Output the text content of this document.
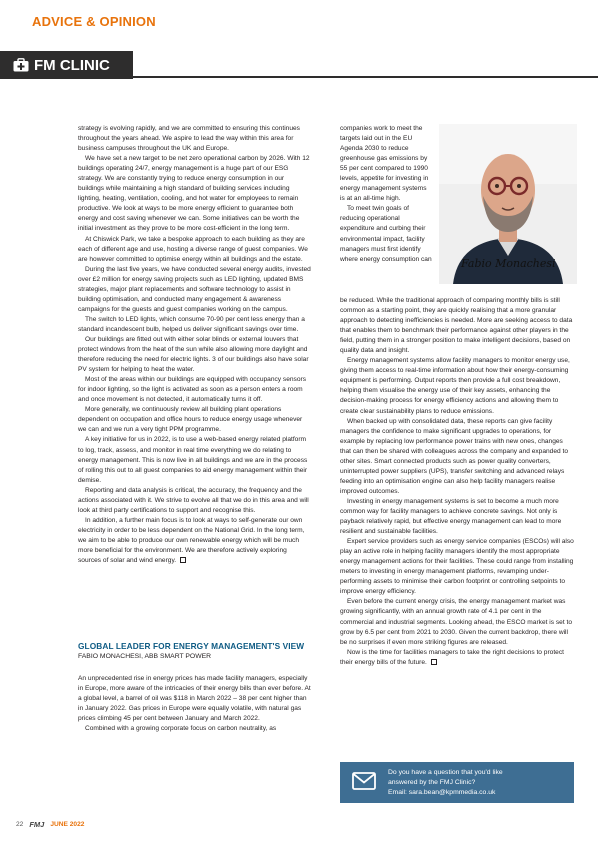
ADVICE & OPINION
FM CLINIC

strategy is evolving rapidly, and we are committed to ensuring this continues throughout the years ahead. We aspire to lead the way within this area for business campuses throughout the UK and Europe.

We have set a new target to be net zero operational carbon by 2026. With 12 buildings operating 24/7, energy management is a huge part of our ESG strategy. We are constantly trying to reduce energy consumption in our buildings while maintaining a high standard of building services including lighting, heating, ventilation, cooling, and hot water for employees to remain productive. We look at ways to be more energy efficient to guarantee both energy and cost saving whenever we can. Some initiatives can be worth the initial investment as they prove to be more cost-efficient in the long term.

At Chiswick Park, we take a bespoke approach to each building as they are each of different age and use, hosting a diverse range of guest companies. We are however committed to optimise energy within all buildings and the estate.

During the last five years, we have conducted several energy audits, invested over £2 million for energy saving projects such as LED lighting, updated BMS strategies, major plant replacements and software technology to assist in building optimisation, and conducted many engagement & awareness campaigns for the guests and guest companies working on the campus.

The switch to LED lights, which consume 70-90 per cent less energy than a standard incandescent bulb, helped us deliver significant savings over time.

Our buildings are fitted out with either solar blinds or external louvers that protect windows from the heat of the sun while also allowing more daylight and therefore reducing the need for electric lights. 3 of our buildings also have solar PV system for helping to heat the water.

Most of the areas within our buildings are equipped with occupancy sensors for indoor lighting, so the light is activated as soon as a person enters a room and once movement is not detected, it automatically turns it off.

More generally, we continuously review all building plant operations dependent on occupation and office hours to reduce energy usage whenever we can and we run a very tight PPM programme.

A key initiative for us in 2022, is to use a web-based energy related platform to log, track, assess, and monitor in real time everything we do relating to energy management. This is now live in all buildings and we are in the process of rolling this out to all guest companies to aid energy management within their demise.

Reporting and data analysis is critical, the accuracy, the frequency and the actions associated with it. We strive to evolve all that we do in this area and will look at third party certifications to support and recognise this.

In addition, a further main focus is to look at ways to self-generate our own electricity in order to be less dependent on the National Grid. In the long term, we aim to be able to produce our own renewable energy which will be much more beneficial for the environment. We are therefore actively exploring sources of solar and wind energy.

companies work to meet the targets laid out in the EU Agenda 2030 to reduce greenhouse gas emissions by 55 per cent compared to 1990 levels, appetite for investing in energy management systems is at an all-time high.

To meet twin goals of reducing operational expenditure and curbing their environmental impact, facility managers must first identify where energy consumption can	Fabio Monachesi

be reduced. While the traditional approach of comparing monthly bills is still common as a starting point, they are quickly realising that a more granular approach to detecting inefficiencies is needed. More are seeking access to data that enables them to benchmark their performance against other players in the field, putting them in a stronger position to make intelligent decisions, based on quality data and insight.

Energy management systems allow facility managers to monitor energy use, giving them access to real-time information about how their energy-consuming equipment is performing. Output reports then provide a full cost breakdown, helping them visualise the energy use of their key assets, enhancing the decision-making process for energy efficiency actions and allowing them to create clear sustainability plans to reduce emissions.

When backed up with consolidated data, these reports can give facility managers the confidence to make significant upgrades to operations, for example by replacing low performance power trains with new ones, changes that can then be shared with colleagues across the company and expanded to other sites. Smart connected products such as power quality converters, uninterrupted power suppliers (UPS), transfer switching and advanced relays feeding into an optimisation engine can also help facility managers realise improved outcomes.

Investing in energy management systems is set to become a much more common way for facility managers to achieve concrete savings. Not only is payback relatively rapid, but effective energy management can lead to more resilient and sustainable facilities.

Expert service providers such as energy service companies (ESCOs) will also play an active role in helping facility managers identify the most appropriate energy management actions for their facilities. These could range from installing meters to investing in energy management platforms, revamping under-performing assets to minimise their carbon footprint or controlling setpoints to improve energy efficiency.

Even before the current energy crisis, the energy management market was growing significantly, with an annual growth rate of 4.1 per cent in the commercial and industrial segments. Looking ahead, the ESCO market is set to grow by 6.5 per cent from 2021 to 2030. Given the current backdrop, there will be no surprises if even more striking figures are released.

Now is the time for facilities managers to take the right decisions to protect their energy bills of the future.

GLOBAL LEADER FOR ENERGY MANAGEMENT'S VIEW
FABIO MONACHESI, ABB SMART POWER

An unprecedented rise in energy prices has made facility managers, especially in Europe, more aware of the intricacies of their energy bills than ever before. At a global level, a barrel of oil was $118 in March 2022 – 38 per cent higher than in January 2022. Gas prices in Europe were equally volatile, with natural gas prices climbing 45 per cent between January and March 2022.

Combined with a growing corporate focus on carbon neutrality, as

Do you have a question that you'd like
answered by the FMJ Clinic?
Email: sara.bean@kpmmedia.co.uk
22 FMJ JUNE 2022
